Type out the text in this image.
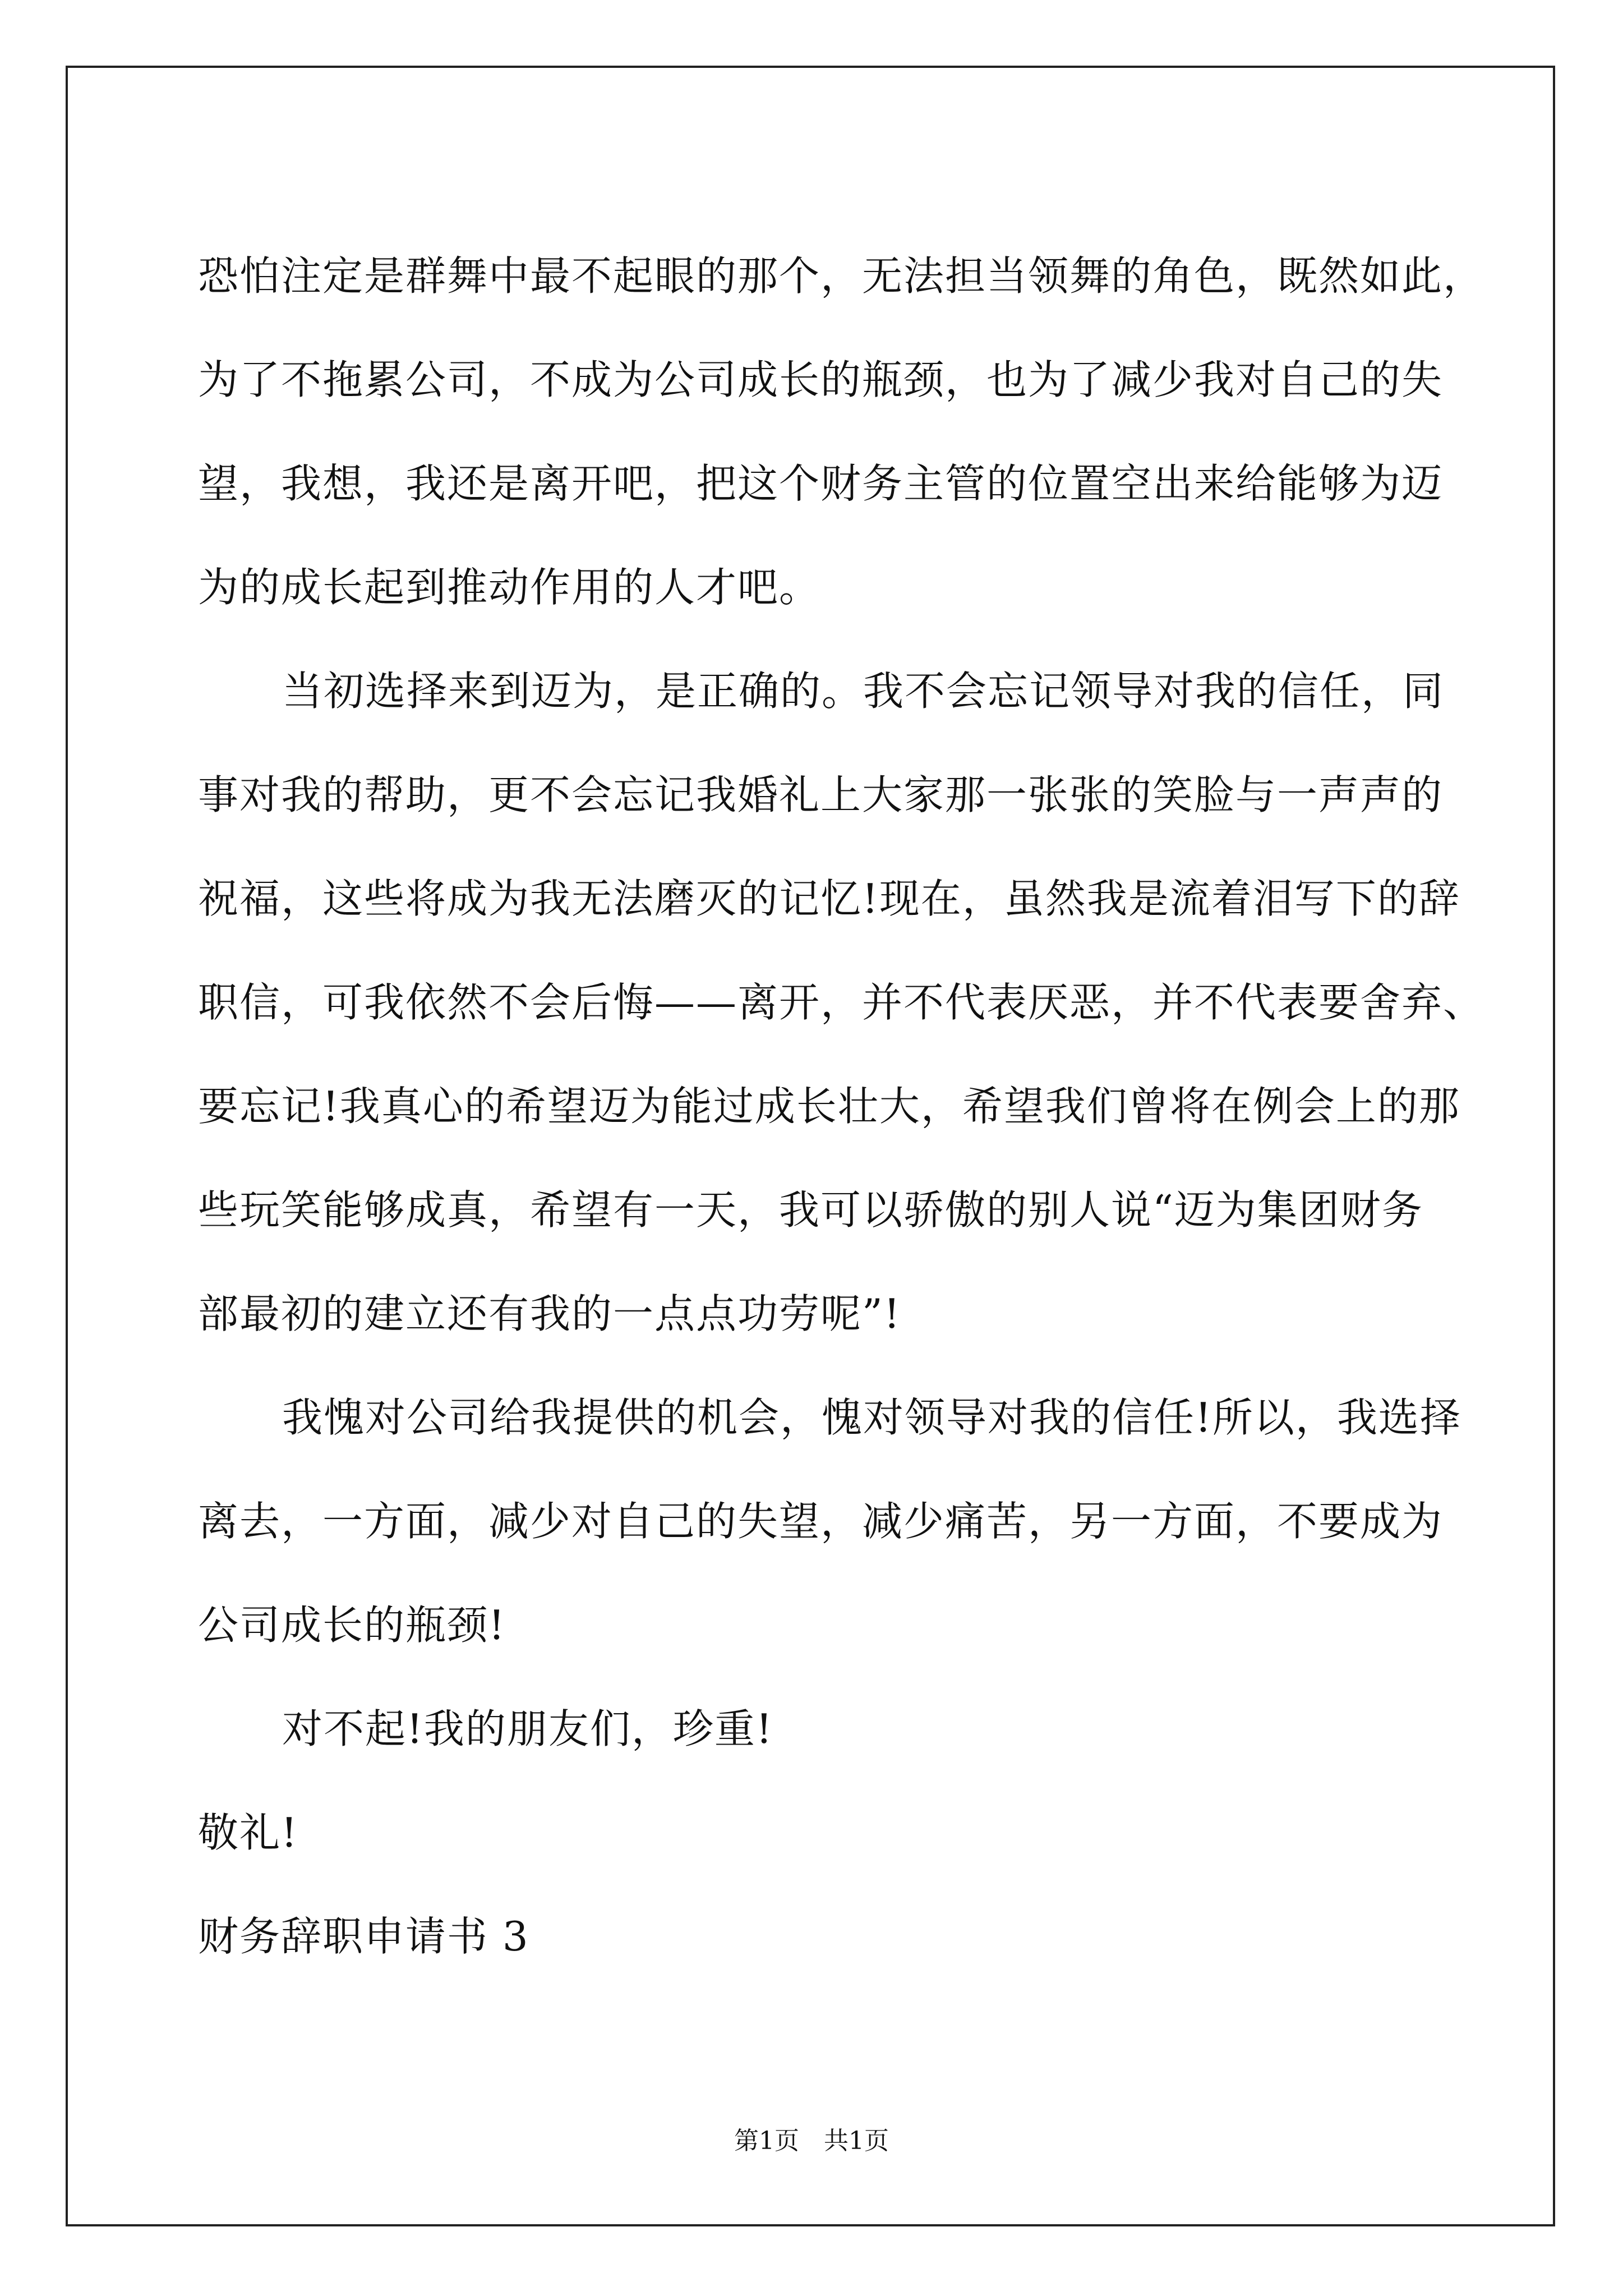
恐怕注定是群舞中最不起眼的那个，无法担当领舞的角色，既然如此，
为了不拖累公司，不成为公司成长的瓶颈，也为了减少我对自己的失
望，我想，我还是离开吧，把这个财务主管的位置空出来给能够为迈
为的成长起到推动作用的人才吧。
当初选择来到迈为，是正确的。我不会忘记领导对我的信任，同
事对我的帮助，更不会忘记我婚礼上大家那一张张的笑脸与一声声的
祝福，这些将成为我无法磨灭的记忆!现在，虽然我是流着泪写下的辞
职信，可我依然不会后悔——离开，并不代表厌恶，并不代表要舍弃、
要忘记!我真心的希望迈为能过成长壮大，希望我们曾将在例会上的那
些玩笑能够成真，希望有一天，我可以骄傲的别人说“迈为集团财务
部最初的建立还有我的一点点功劳呢”!
我愧对公司给我提供的机会，愧对领导对我的信任!所以，我选择
离去，一方面，减少对自己的失望，减少痛苦，另一方面，不要成为
公司成长的瓶颈!
对不起!我的朋友们，珍重!
敬礼!
财务辞职申请书 3
第1页　共1页
